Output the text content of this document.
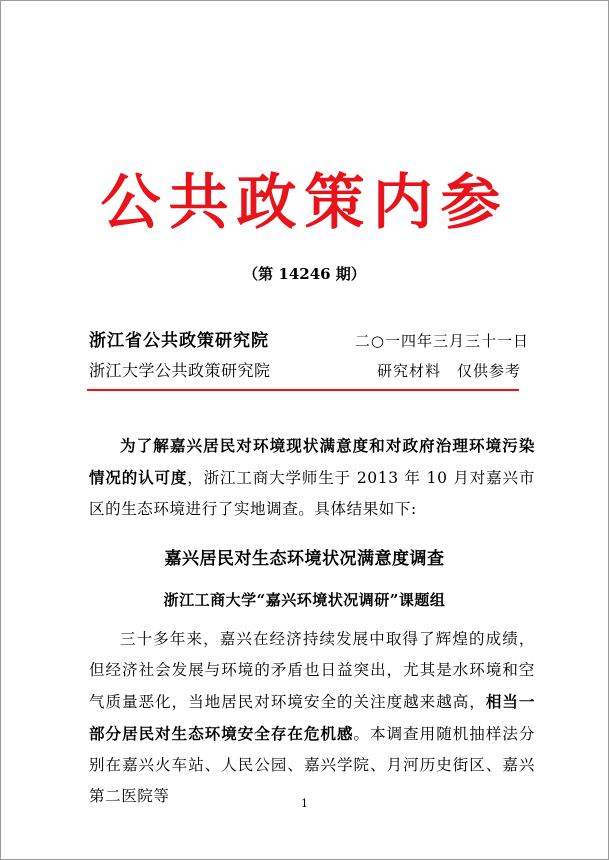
公共政策内参
（第 14246 期）
浙江省公共政策研究院	二○一四年三月三十一日
浙江大学公共政策研究院	研究材料　仅供参考
为了解嘉兴居民对环境现状满意度和对政府治理环境污染情况的认可度，浙江工商大学师生于 2013 年 10 月对嘉兴市区的生态环境进行了实地调查。具体结果如下:
嘉兴居民对生态环境状况满意度调查
浙江工商大学“嘉兴环境状况调研”课题组
三十多年来，嘉兴在经济持续发展中取得了辉煌的成绩，但经济社会发展与环境的矛盾也日益突出，尤其是水环境和空气质量恶化，当地居民对环境安全的关注度越来越高，相当一部分居民对生态环境安全存在危机感。本调查用随机抽样法分别在嘉兴火车站、人民公园、嘉兴学院、月河历史街区、嘉兴第二医院等	1
